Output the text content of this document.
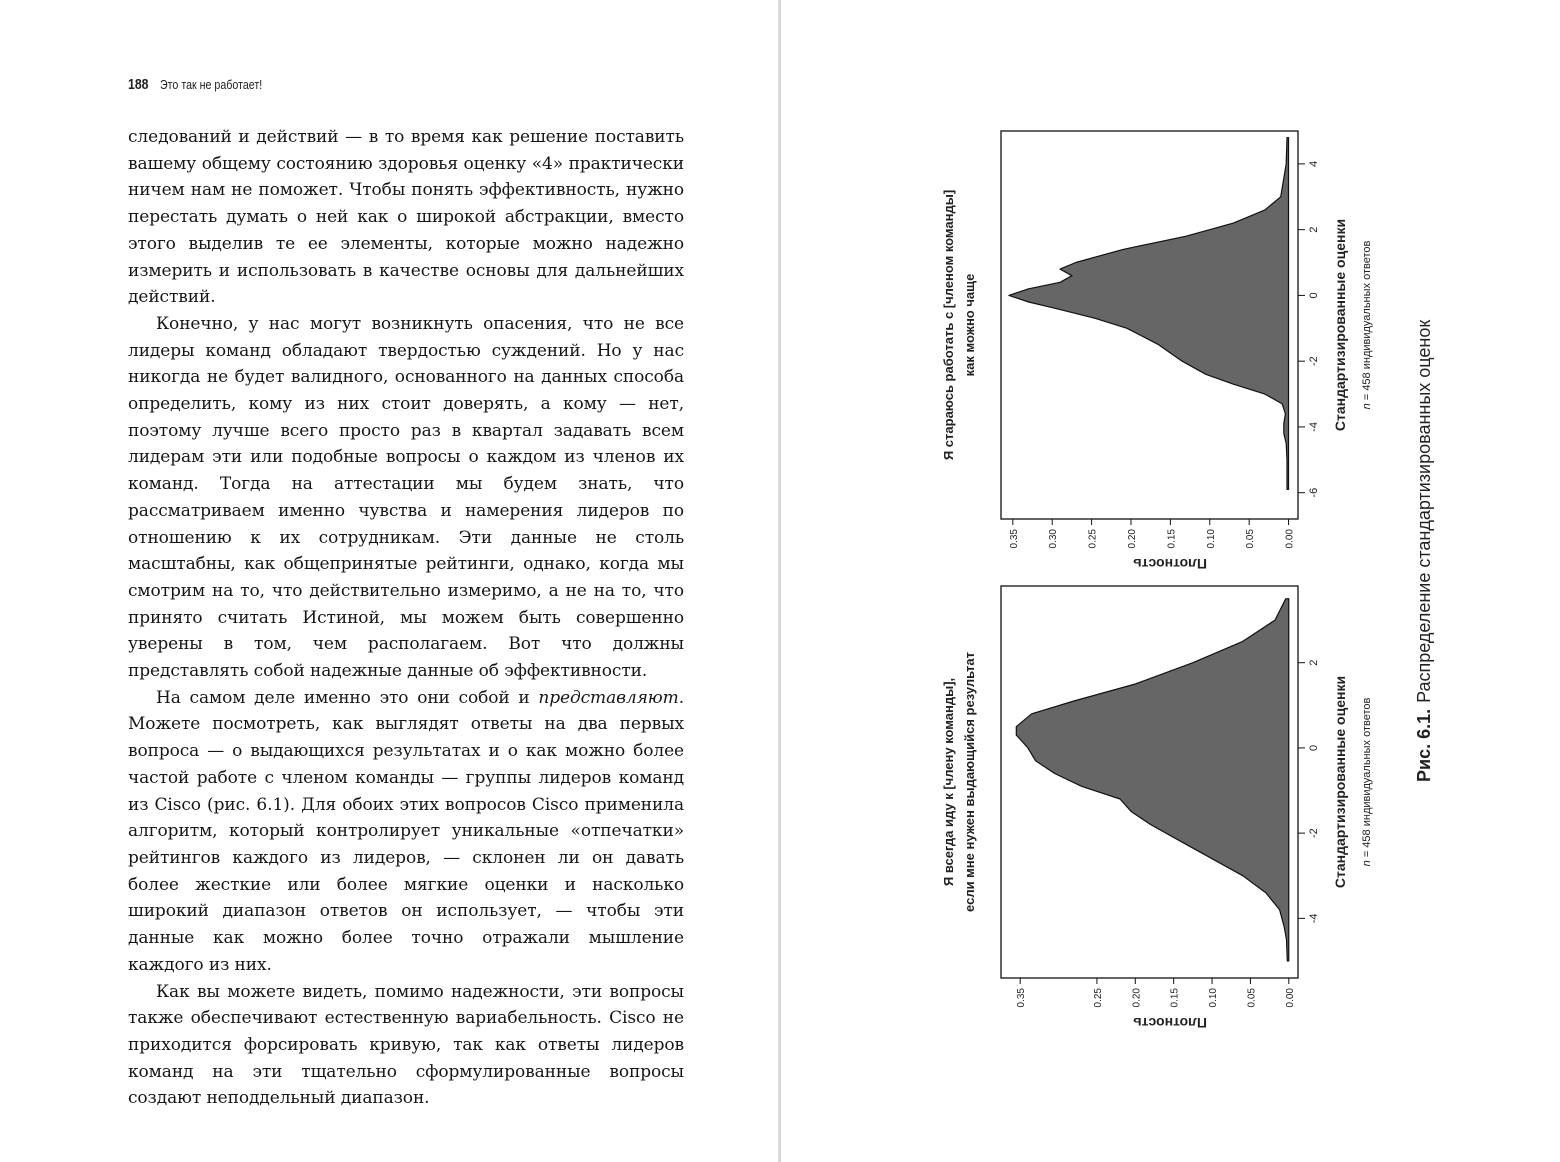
188 Это так не работает!

следований и действий — в то время как решение поставить вашему общему состоянию здоровья оценку «4» практически ничем нам не поможет. Чтобы понять эффективность, нужно перестать думать о ней как о широкой абстракции, вместо этого выделив те ее элементы, которые можно надежно измерить и использовать в качестве основы для дальнейших действий.

Конечно, у нас могут возникнуть опасения, что не все лидеры команд обладают твердостью суждений. Но у нас никогда не будет валидного, основанного на данных способа определить, кому из них стоит доверять, а кому — нет, поэтому лучше всего просто раз в квартал задавать всем лидерам эти или подобные вопросы о каждом из членов их команд. Тогда на аттестации мы будем знать, что рассматриваем именно чувства и намерения лидеров по отношению к их сотрудникам. Эти данные не столь масштабны, как общепринятые рейтинги, однако, когда мы смотрим на то, что действительно измеримо, а не на то, что принято считать Истиной, мы можем быть совершенно уверены в том, чем располагаем. Вот что должны представлять собой надежные данные об эффективности.

На самом деле именно это они собой и представляют. Можете посмотреть, как выглядят ответы на два первых вопроса — о выдающихся результатах и о как можно более частой работе с членом команды — группы лидеров команд из Cisco (рис. 6.1). Для обоих этих вопросов Cisco применила алгоритм, который контролирует уникальные «отпечатки» рейтингов каждого из лидеров, — склонен ли он давать более жесткие или более мягкие оценки и насколько широкий диапазон ответов он использует, — чтобы эти данные как можно более точно отражали мышление каждого из них.

Как вы можете видеть, помимо надежности, эти вопросы также обеспечивают естественную вариабельность. Cisco не приходится форсировать кривую, так как ответы лидеров команд на эти тщательно сформулированные вопросы создают неподдельный диапазон.

Рис. 6.1.Распределение стандартизированных оценок
-6
-4
-2
0
2
4
0.00
0.05
0.10
0.15
0.20
0.25
0.30
0.35
Плотность
Я стараюсь работать с [членом команды] как можно чаще	Стандартизированные оценки n = 458 индивидуальных ответов
-4
-2
0
2
0.00
0.05
0.10
0.15
0.20
0.25
0.35
Плотность
Я всегда иду к [члену команды], если мне нужен выдающийся результат	Стандартизированные оценки n = 458 индивидуальных ответов
